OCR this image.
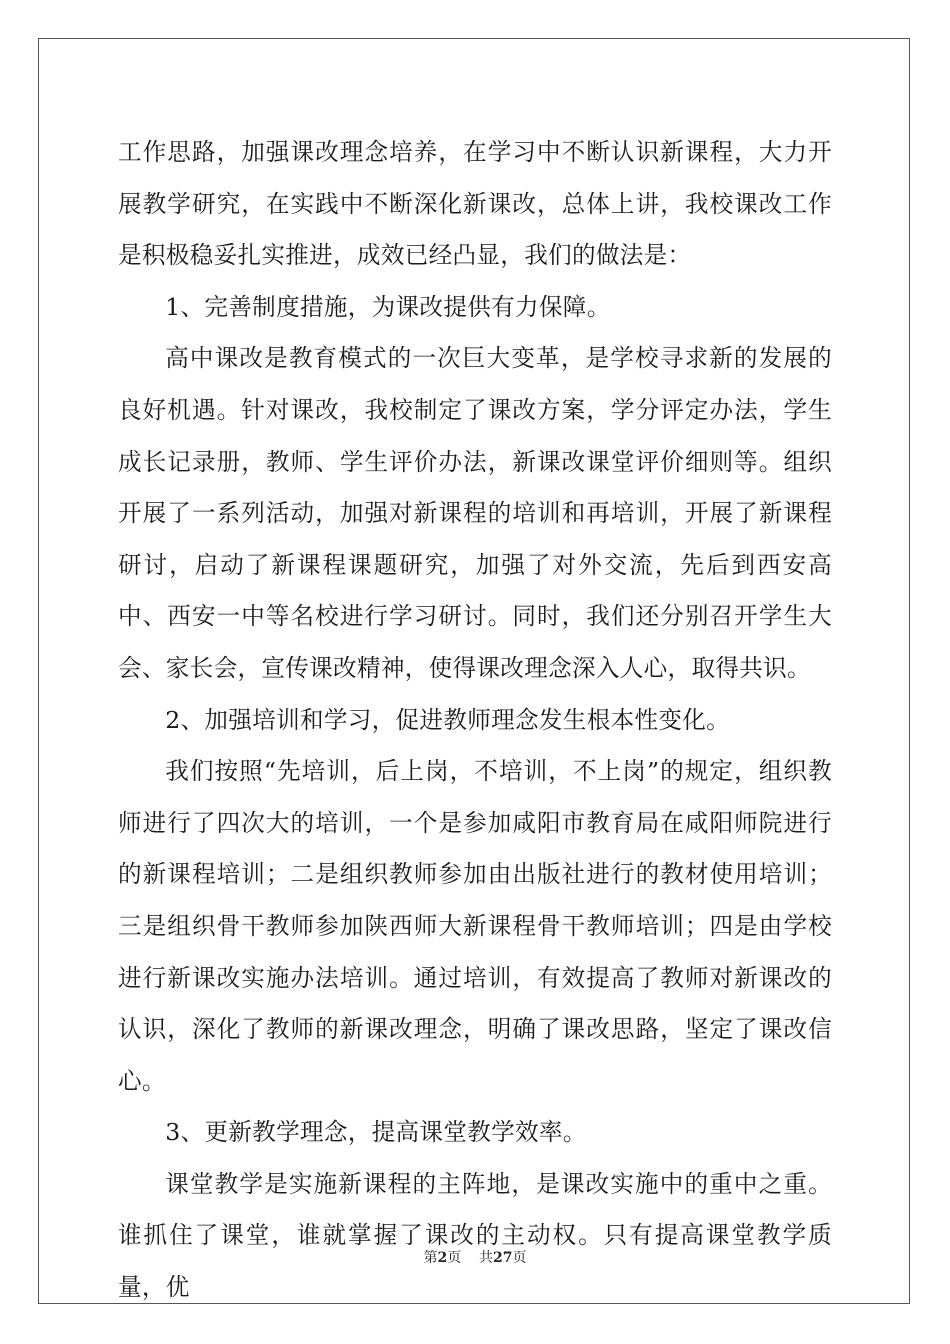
工作思路，加强课改理念培养，在学习中不断认识新课程，大力开展教学研究，在实践中不断深化新课改，总体上讲，我校课改工作是积极稳妥扎实推进，成效已经凸显，我们的做法是：

1、完善制度措施，为课改提供有力保障。

高中课改是教育模式的一次巨大变革，是学校寻求新的发展的良好机遇。针对课改，我校制定了课改方案，学分评定办法，学生成长记录册，教师、学生评价办法，新课改课堂评价细则等。组织开展了一系列活动，加强对新课程的培训和再培训，开展了新课程研讨，启动了新课程课题研究，加强了对外交流，先后到西安高中、西安一中等名校进行学习研讨。同时，我们还分别召开学生大会、家长会，宣传课改精神，使得课改理念深入人心，取得共识。

2、加强培训和学习，促进教师理念发生根本性变化。

我们按照“先培训，后上岗，不培训，不上岗”的规定，组织教师进行了四次大的培训，一个是参加咸阳市教育局在咸阳师院进行的新课程培训；二是组织教师参加由出版社进行的教材使用培训；三是组织骨干教师参加陕西师大新课程骨干教师培训；四是由学校进行新课改实施办法培训。通过培训，有效提高了教师对新课改的认识，深化了教师的新课改理念，明确了课改思路，坚定了课改信心。

3、更新教学理念，提高课堂教学效率。

课堂教学是实施新课程的主阵地，是课改实施中的重中之重。谁抓住了课堂，谁就掌握了课改的主动权。只有提高课堂教学质量，优

第2页 共27页
